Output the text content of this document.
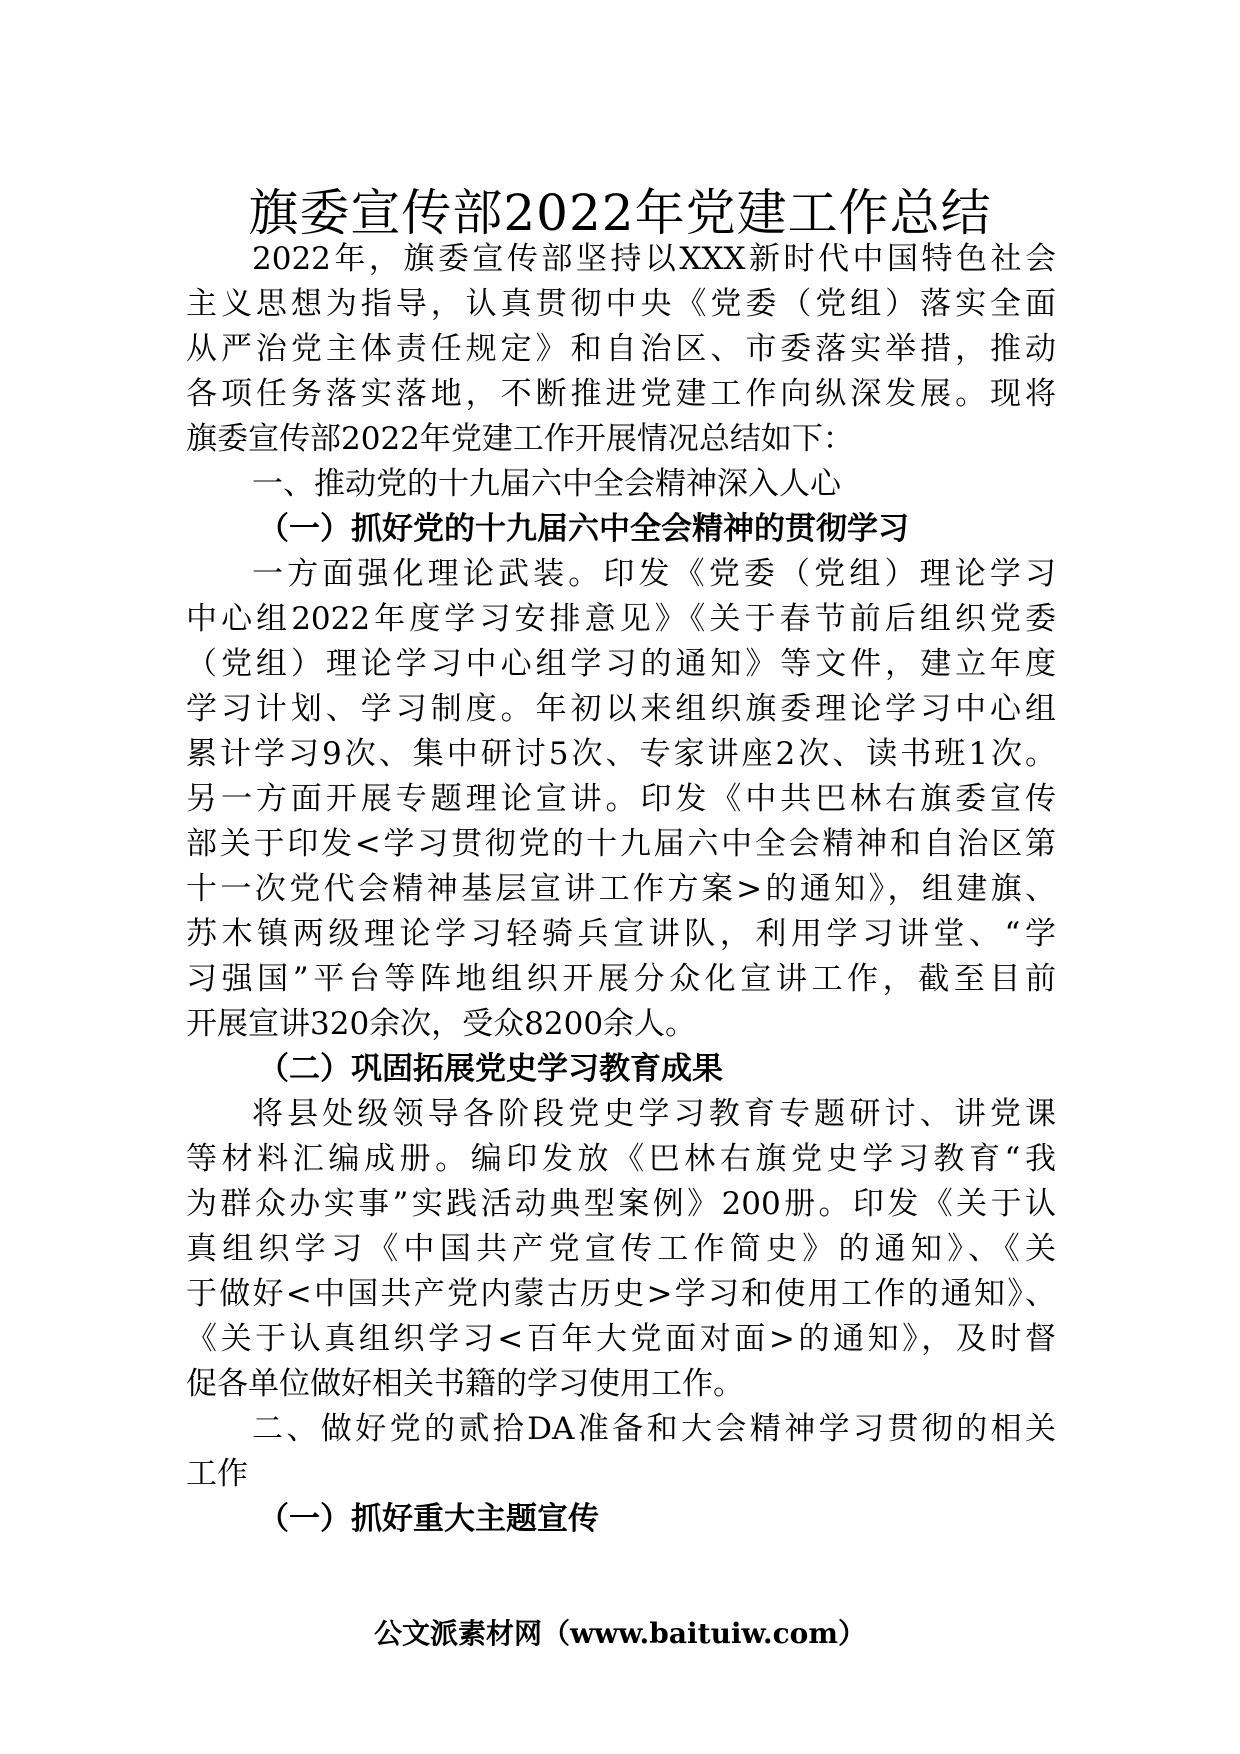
旗委宣传部2022年党建工作总结
2022年，旗委宣传部坚持以XXX新时代中国特色社会
主义思想为指导，认真贯彻中央《党委（党组）落实全面
从严治党主体责任规定》和自治区、市委落实举措，推动
各项任务落实落地，不断推进党建工作向纵深发展。现将
旗委宣传部2022年党建工作开展情况总结如下：
一、推动党的十九届六中全会精神深入人心
（一）抓好党的十九届六中全会精神的贯彻学习
一方面强化理论武装。印发《党委（党组）理论学习
中心组2022年度学习安排意见》《关于春节前后组织党委
（党组）理论学习中心组学习的通知》等文件，建立年度
学习计划、学习制度。年初以来组织旗委理论学习中心组
累计学习9次、集中研讨5次、专家讲座2次、读书班1次。
另一方面开展专题理论宣讲。印发《中共巴林右旗委宣传
部关于印发<学习贯彻党的十九届六中全会精神和自治区第
十一次党代会精神基层宣讲工作方案>的通知》，组建旗、
苏木镇两级理论学习轻骑兵宣讲队，利用学习讲堂、“学
习强国”平台等阵地组织开展分众化宣讲工作，截至目前
开展宣讲320余次，受众8200余人。
（二）巩固拓展党史学习教育成果
将县处级领导各阶段党史学习教育专题研讨、讲党课
等材料汇编成册。编印发放《巴林右旗党史学习教育“我
为群众办实事”实践活动典型案例》200册。印发《关于认
真组织学习《中国共产党宣传工作简史》的通知》、《关
于做好<中国共产党内蒙古历史>学习和使用工作的通知》、
《关于认真组织学习<百年大党面对面>的通知》，及时督
促各单位做好相关书籍的学习使用工作。
二、做好党的贰拾DA准备和大会精神学习贯彻的相关
工作
（一）抓好重大主题宣传
公文派素材网（www.baituiw.com）
